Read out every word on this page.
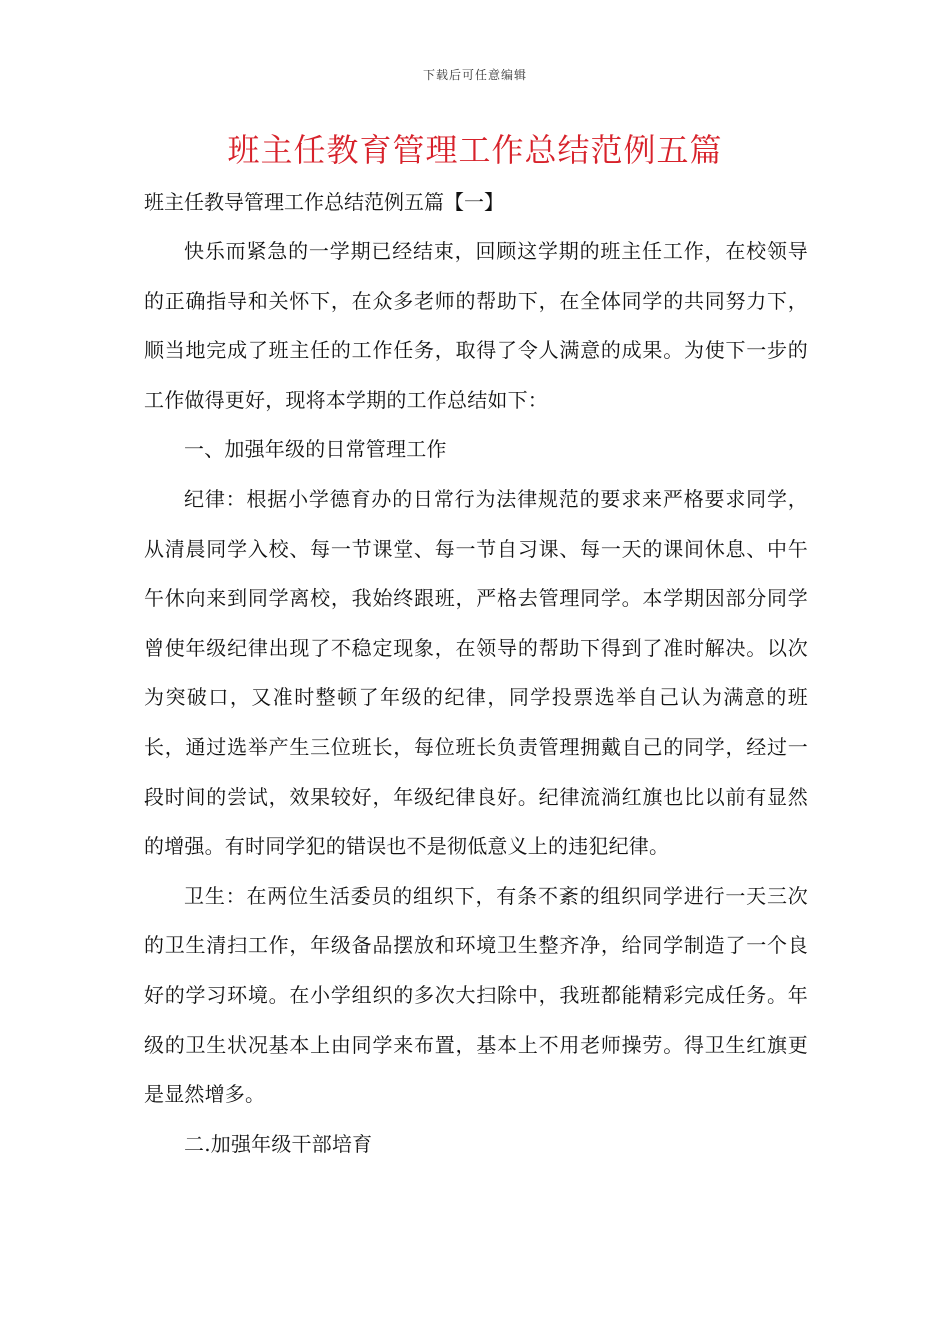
下载后可任意编辑
班主任教育管理工作总结范例五篇
班主任教导管理工作总结范例五篇【一】

快乐而紧急的一学期已经结束，回顾这学期的班主任工作，在校领导的正确指导和关怀下，在众多老师的帮助下，在全体同学的共同努力下，顺当地完成了班主任的工作任务，取得了令人满意的成果。为使下一步的工作做得更好，现将本学期的工作总结如下：

一、加强年级的日常管理工作

纪律：根据小学德育办的日常行为法律规范的要求来严格要求同学，从清晨同学入校、每一节课堂、每一节自习课、每一天的课间休息、中午午休向来到同学离校，我始终跟班，严格去管理同学。本学期因部分同学曾使年级纪律出现了不稳定现象，在领导的帮助下得到了准时解决。以次为突破口，又准时整顿了年级的纪律，同学投票选举自己认为满意的班长，通过选举产生三位班长，每位班长负责管理拥戴自己的同学，经过一段时间的尝试，效果较好，年级纪律良好。纪律流淌红旗也比以前有显然的增强。有时同学犯的错误也不是彻低意义上的违犯纪律。

卫生：在两位生活委员的组织下，有条不紊的组织同学进行一天三次的卫生清扫工作，年级备品摆放和环境卫生整齐净，给同学制造了一个良好的学习环境。在小学组织的多次大扫除中，我班都能精彩完成任务。年级的卫生状况基本上由同学来布置，基本上不用老师操劳。得卫生红旗更是显然增多。

二.加强年级干部培育
